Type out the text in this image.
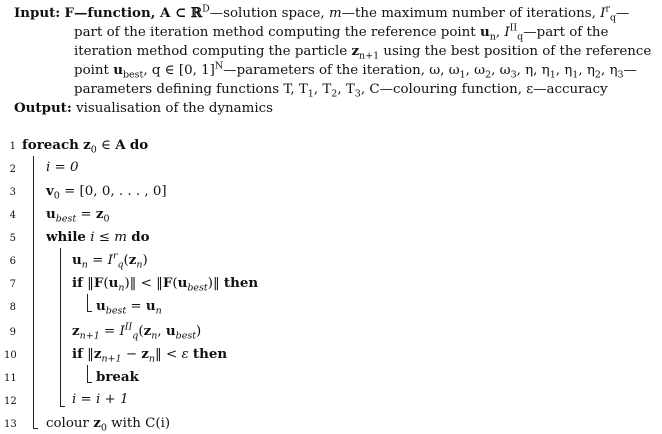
Input: F—function, A ⊂ ℝ$^D$—solution space, m—the maximum number of iterations, $I^r_q—part$ of the iteration method computing the reference point $u_n$, $I^{II}_q—part$ of the iteration method computing the particle $z_{n+1}$ using the best position of the reference point $u_{best}$, q ∈ [0, 1]$^N$—parameters of the iteration, ω, $\omega_1$, $\omega_2$, $\omega_3$, η, $\eta_1$, $\eta_1$, $\eta_2$, $\eta_3—parameters$ defining functions T, $T_1$, $T_2$, $T_3$, C—colouring function, ε—accuracy
Output: visualisation of the dynamics
1
2
3
4
5
6
7
8
9
10
11
12
13
foreach $z_0$ ∈ A do
i = 0
$v_0 = [0$, 0, . . . , 0]
$u_{best} = z_0$
while i ≤ m do
$u_n = I^r_q(z_n)$
if $‖F(u_n)‖$ < $‖F(u_{best})‖$ then
$u_{best} = u_n$
$z_{n+1} = I^{II}_q(z_n$, $u_{best}$)
if $‖z_{n+1}$ − $z_n‖ < \varepsilon$ then
break
i = i + 1
colour $z_0$ with C(i)
